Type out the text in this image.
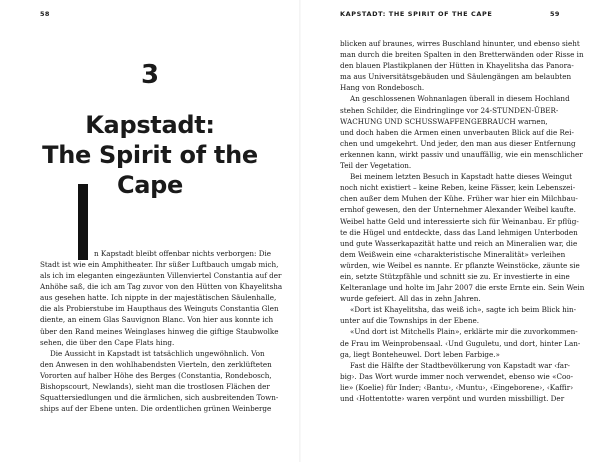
58
3
Kapstadt:
The Spirit of the
Cape
n Kapstadt bleibt offenbar nichts verborgen: Die
Stadt ist wie ein Amphitheater. Ihr süßer Luftbauch umgab mich,
als ich im eleganten eingezäunten Villenviertel Constantia auf der
Anhöhe saß, die ich am Tag zuvor von den Hütten von Khayelitsha
aus gesehen hatte. Ich nippte in der majestätischen Säulenhalle,
die als Probierstube im Haupthaus des Weinguts Constantia Glen
diente, an einem Glas Sauvignon Blanc. Von hier aus konnte ich
über den Rand meines Weinglases hinweg die giftige Staubwolke
sehen, die über den Cape Flats hing.
Die Aussicht in Kapstadt ist tatsächlich ungewöhnlich. Von
den Anwesen in den wohlhabendsten Vierteln, den zerklüfteten
Vororten auf halber Höhe des Berges (Constantia, Rondebosch,
Bishopscourt, Newlands), sieht man die trostlosen Flächen der
Squattersiedlungen und die ärmlichen, sich ausbreitenden Town-
ships auf der Ebene unten. Die ordentlichen grünen Weinberge
KAPSTADT: THE SPIRIT OF THE CAPE	59
blicken auf braunes, wirres Buschland hinunter, und ebenso sieht
man durch die breiten Spalten in den Bretterwänden oder Risse in
den blauen Plastikplanen der Hütten in Khayelitsha das Panora-
ma aus Universitätsgebäuden und Säulengängen am belaubten
Hang von Rondebosch.
An geschlossenen Wohnanlagen überall in diesem Hochland
stehen Schilder, die Eindringlinge vor 24-STUNDEN-ÜBER-
WACHUNG UND SCHUSSWAFFENGEBRAUCH warnen,
und doch haben die Armen einen unverbauten Blick auf die Rei-
chen und umgekehrt. Und jeder, den man aus dieser Entfernung
erkennen kann, wirkt passiv und unauffällig, wie ein menschlicher
Teil der Vegetation.
Bei meinem letzten Besuch in Kapstadt hatte dieses Weingut
noch nicht existiert – keine Reben, keine Fässer, kein Lebenszei-
chen außer dem Muhen der Kühe. Früher war hier ein Milchbau-
ernhof gewesen, den der Unternehmer Alexander Weibel kaufte.
Weibel hatte Geld und interessierte sich für Weinanbau. Er pflüg-
te die Hügel und entdeckte, dass das Land lehmigen Unterboden
und gute Wasserkapazität hatte und reich an Mineralien war, die
dem Weißwein eine «charakteristische Mineralität» verleihen
würden, wie Weibel es nannte. Er pflanzte Weinstöcke, zäunte sie
ein, setzte Stützpfähle und schnitt sie zu. Er investierte in eine
Kelteranlage und holte im Jahr 2007 die erste Ernte ein. Sein Wein
wurde gefeiert. All das in zehn Jahren.
«Dort ist Khayelitsha, das weiß ich», sagte ich beim Blick hin-
unter auf die Townships in der Ebene.
«Und dort ist Mitchells Plain», erklärte mir die zuvorkommen-
de Frau im Weinprobensaal. ‹Und Guguletu, und dort, hinter Lan-
ga, liegt Bonteheuwel. Dort leben Farbige.»
Fast die Hälfte der Stadtbevölkerung von Kapstadt war ‹far-
big›. Das Wort wurde immer noch verwendet, ebenso wie «Coo-
lie» (Koelie) für Inder; ‹Bantu›, ‹Muntu›, ‹Eingeborene›, ‹Kaffir›
und ‹Hottentotte› waren verpönt und wurden missbilligt. Der
